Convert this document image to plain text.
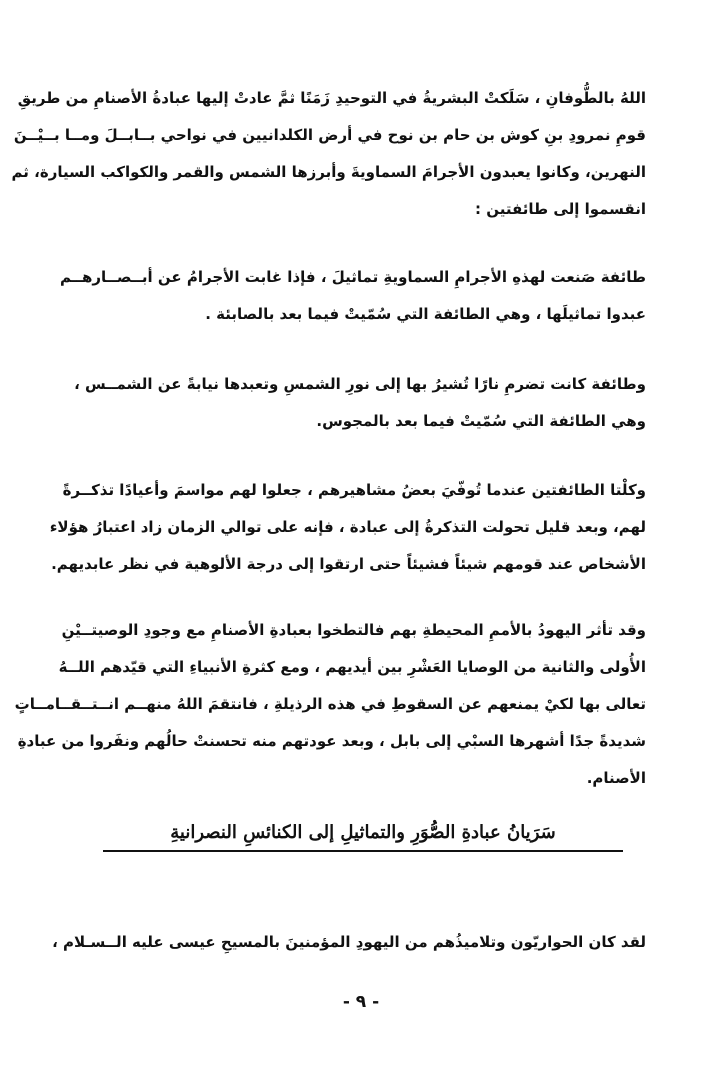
اللهُ بالطُّوفانِ ، سَلَكتْ البشريةُ في التوحيدِ زَمَنًا ثمَّ عادتْ إليها عبادةُ الأصنامِ من طريقِ
قومِ نمرودِ بنِ كوش بن حام بن نوح في أرض الكلدانيين في نواحي بــابــلَ ومــا بــيْــنَ
النهرين، وكانوا يعبدون الأجرامَ السماويةَ وأبرزها الشمس والقمر والكواكب السيارة، ثم
انقسموا إلى طائفتين :
طائفة صَنعت لهذهِ الأجرامِ السماويةِ تماثيلَ ، فإذا غابت الأجرامُ عن أبــصــارهــم
عبدوا تماثيلَها ، وهي الطائفة التي سُمّيتْ فيما بعد بالصابئة .
وطائفة كانت تضرمِ نارًا تُشيرُ بها إلى نورِ الشمسِ وتعبدها نيابةً عن الشمــس ،
وهي الطائفة التي سُمّيتْ فيما بعد بالمجوس.
وكلْتا الطائفتين عندما تُوفّيَ بعضُ مشاهيرهم ، جعلوا لهم مواسمَ وأعيادًا تذكــرةً
لهم، وبعد قليل تحولت التذكرةُ إلى عبادة ، فإنه على توالي الزمان زاد اعتبارُ هؤلاء
الأشخاص عند قومهم شيئاً فشيئاً حتى ارتقوا إلى درجة الألوهية في نظر عابديهم.
وقد تأثر اليهودُ بالأممِ المحيطةِ بهم فالتطخوا بعبادةِ الأصنامِ مع وجودِ الوصيتــيْنِ
الأُولى والثانية من الوصايا العَشْرِ بين أيديهم ، ومع كثرةِ الأنبياءِ التي قيّدهم اللــهُ
تعالى بها لكيْ يمنعهم عن السقوطِ في هذه الرذيلةِ ، فانتقمَ اللهُ منهــم انــتــقــامــاتٍ
شديدةً جدًا أشهرها السبْي إلى بابل ، وبعد عودتهم منه تحسنتْ حالُهم ونفَروا من عبادةِ
الأصنام.
سَرَيانُ عبادةِ الصُّوَرِ والتماثيلِ إلى الكنائسِ النصرانيةِ
لقد كان الحواريّون وتلاميذُهم من اليهودِ المؤمنينَ بالمسيحِ عيسى عليه الــسـلام ،
- ٩ -
